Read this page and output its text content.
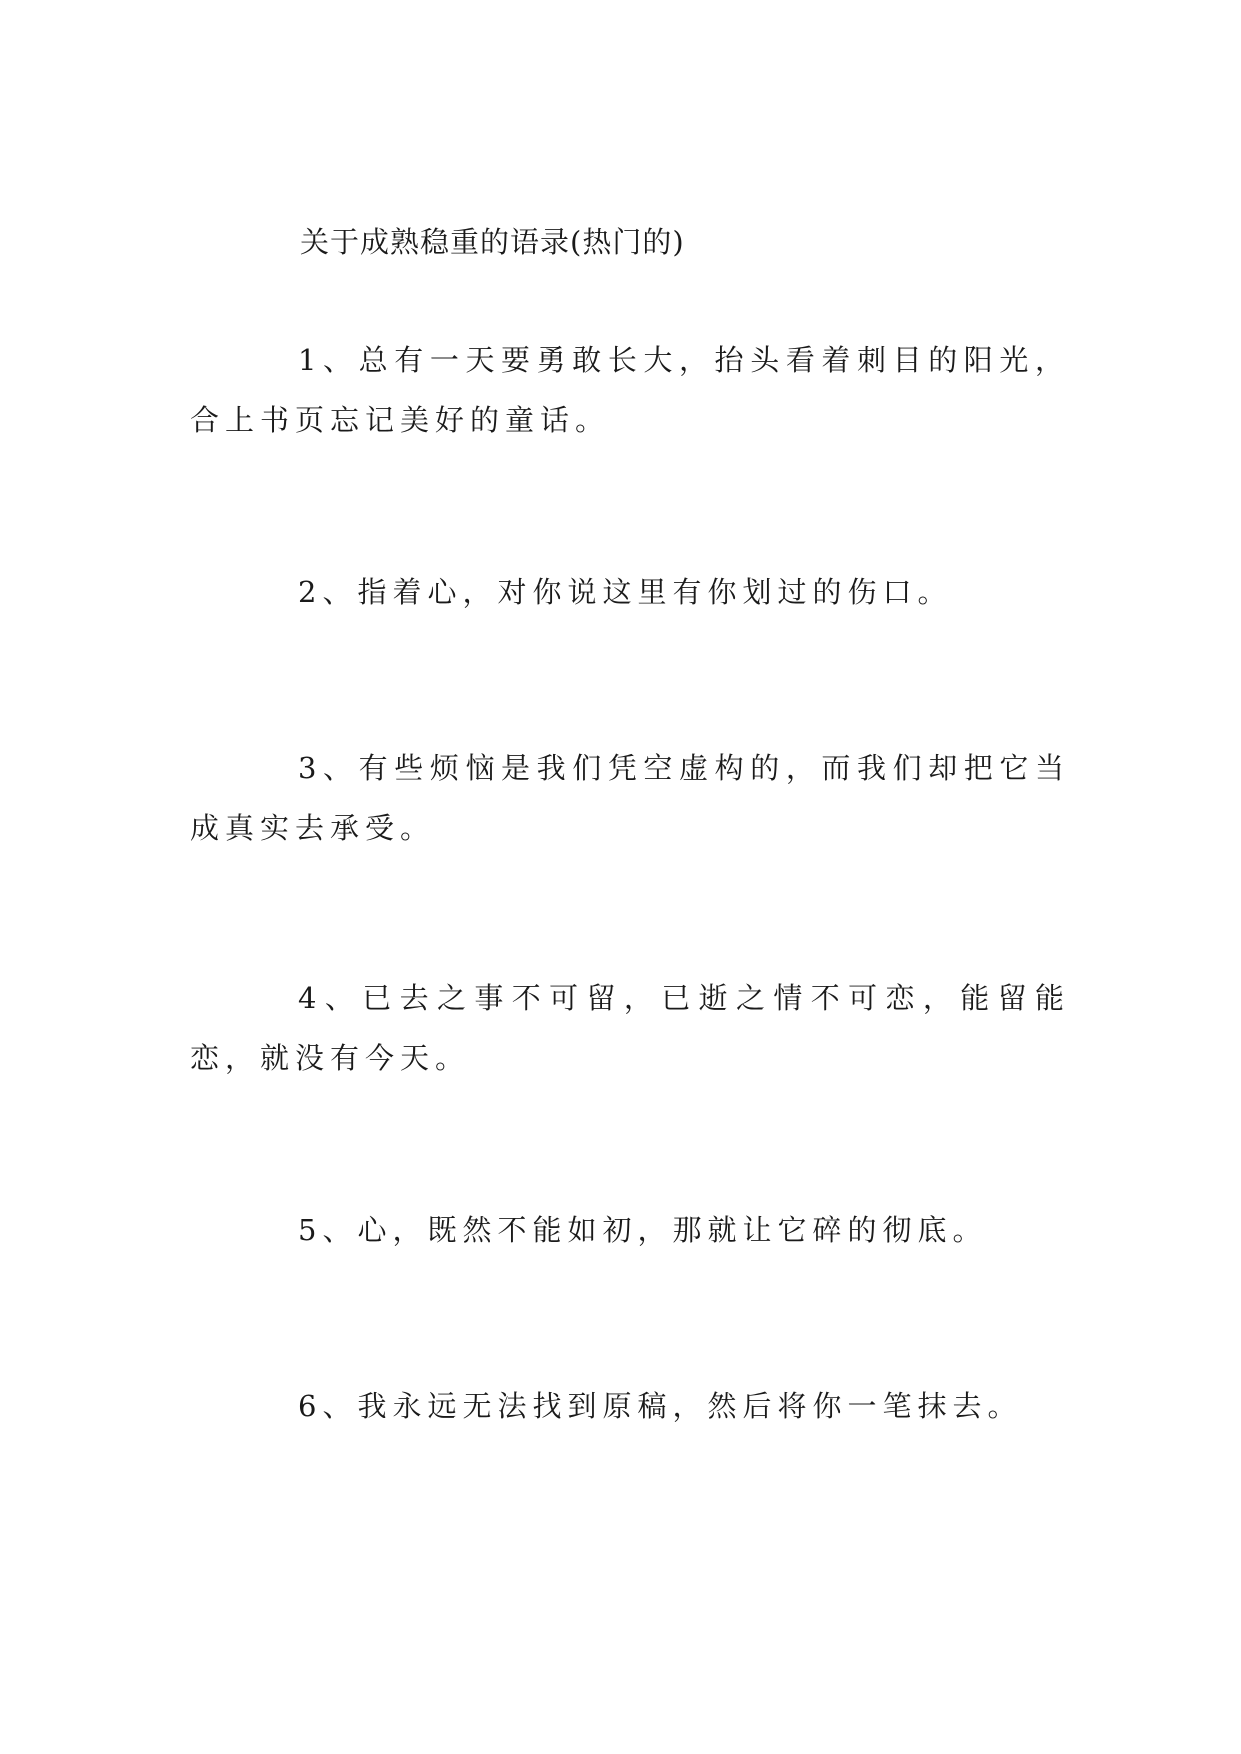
关于成熟稳重的语录(热门的)

1、总有一天要勇敢长大，抬头看着刺目的阳光，合上书页忘记美好的童话。

2、指着心，对你说这里有你划过的伤口。

3、有些烦恼是我们凭空虚构的，而我们却把它当成真实去承受。

4、已去之事不可留，已逝之情不可恋，能留能恋，就没有今天。

5、心，既然不能如初，那就让它碎的彻底。

6、我永远无法找到原稿，然后将你一笔抹去。
